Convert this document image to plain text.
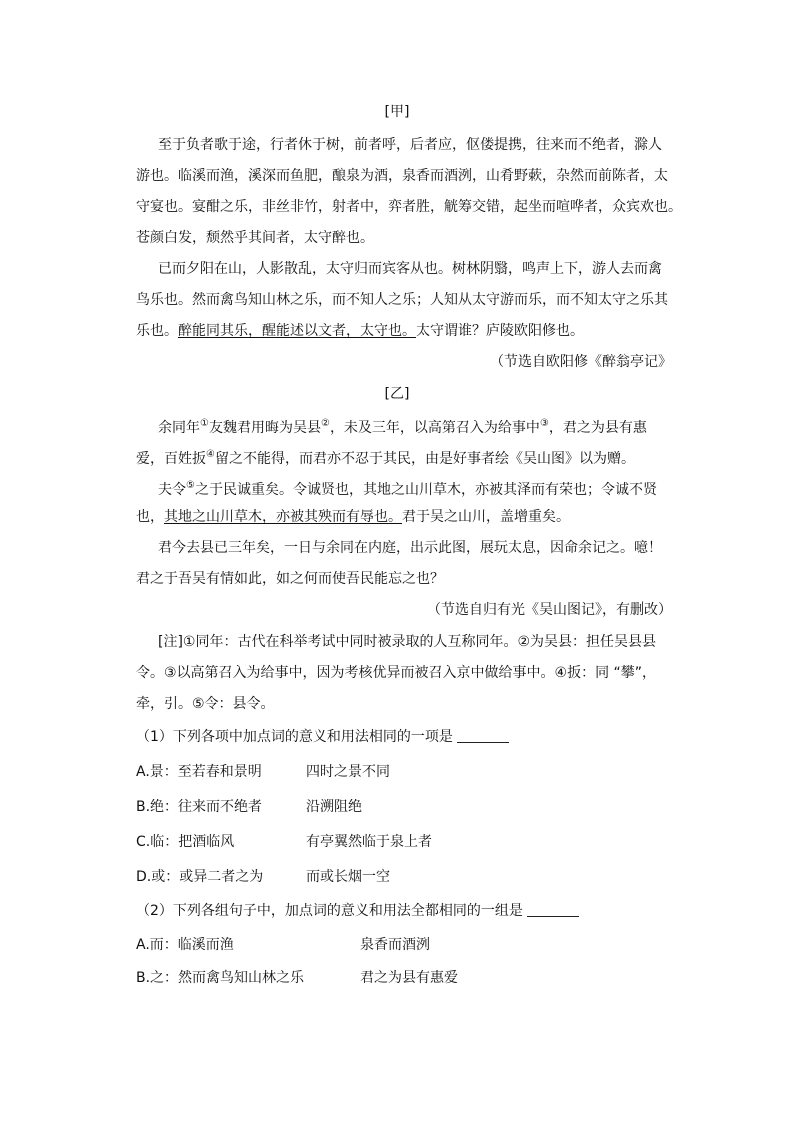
[甲]
至于负者歌于途，行者休于树，前者呼，后者应，伛偻提携，往来而不绝者，滁人
游也。临溪而渔，溪深而鱼肥，酿泉为酒，泉香而酒洌，山肴野蔌，杂然而前陈者，太
守宴也。宴酣之乐，非丝非竹，射者中，弈者胜，觥筹交错，起坐而喧哗者，众宾欢也。
苍颜白发，颓然乎其间者，太守醉也。
已而夕阳在山，人影散乱，太守归而宾客从也。树林阴翳，鸣声上下，游人去而禽
鸟乐也。然而禽鸟知山林之乐，而不知人之乐；人知从太守游而乐，而不知太守之乐其
乐也。醉能同其乐，醒能述以文者，太守也。太守谓谁？庐陵欧阳修也。
（节选自欧阳修《醉翁亭记》
[乙]
余同年①友魏君用晦为吴县②，未及三年，以高第召入为给事中③，君之为县有惠
爱，百姓扳④留之不能得，而君亦不忍于其民，由是好事者绘《吴山图》以为赠。
夫令⑤之于民诚重矣。令诚贤也，其地之山川草木，亦被其泽而有荣也；令诚不贤
也，其地之山川草木，亦被其殃而有辱也。君于吴之山川，盖增重矣。
君今去县已三年矣，一日与余同在内庭，出示此图，展玩太息，因命余记之。噫！
君之于吾吴有情如此，如之何而使吾民能忘之也？
（节选自归有光《吴山图记》，有删改）
[注]①同年：古代在科举考试中同时被录取的人互称同年。②为吴县：担任吴县县
令。③以高第召入为给事中，因为考核优异而被召入京中做给事中。④扳：同 “攀”，
牵，引。⑤令：县令。
（1）下列各项中加点词的意义和用法相同的一项是
A.景：至若春和景明	四时之景不同
B.绝：往来而不绝者	沿溯阻绝
C.临：把酒临风	有亭翼然临于泉上者
D.或：或异二者之为	而或长烟一空
（2）下列各组句子中，加点词的意义和用法全都相同的一组是
A.而：临溪而渔	泉香而酒洌
B.之：然而禽鸟知山林之乐	君之为县有惠爱
